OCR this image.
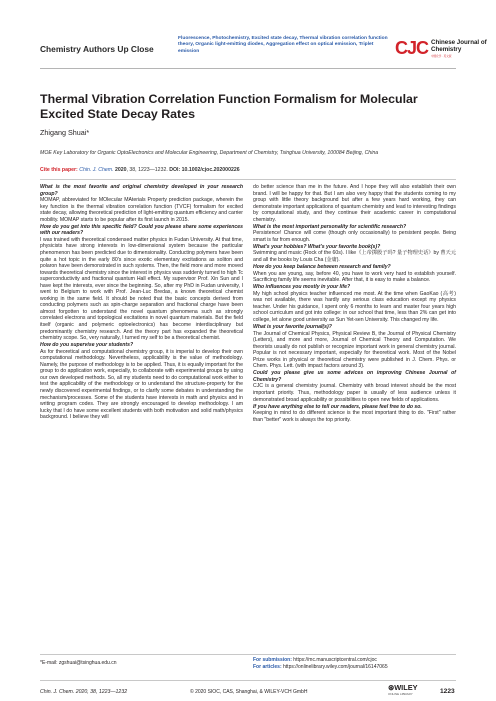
Chemistry Authors Up Close
Fluorescence, Photochemistry, Excited state decay, Thermal vibration correlation function theory, Organic light-emitting diodes, Aggregation effect on optical emission, Triplet emission	CJC Chinese Journal of Chemistry
中国化学 · 英文版
Thermal Vibration Correlation Function Formalism for Molecular Excited State Decay Rates
Zhigang Shuai*
MOE Key Laboratory for Organic OptoElectronics and Molecular Engineering, Department of Chemistry, Tsinghua University, 100084 Beijing, China
Cite this paper: Chin. J. Chem. 2020, 38, 1223—1232. DOI: 10.1002/cjoc.202000226

What is the most favorite and original chemistry developed in your research group?

MOMAP, abbreviated for MOlecular MAterials Property prediction package, wherein the key function is the thermal vibration correlation function (TVCF) formalism for excited state decay, allowing theoretical prediction of light-emitting quantum efficiency and carrier mobility. MOMAP starts to be popular after its first launch in 2015.

How do you get into this specific field? Could you please share some experiences with our readers?

I was trained with theoretical condensed matter physics in Fudan University. At that time, physicists have strong interests in low-dimensional system because the particular phenomenon has been predicted due to dimensionality. Conducting polymers have been quite a hot topic in the early 80's since exotic elementary excitations as soliton and polaron have been demonstrated in such systems. Then, the field more and more moved towards theoretical chemistry since the interest in physics was suddenly turned to high Tc superconductivity and fractional quantum Hall effect. My supervisor Prof. Xin Sun and I have kept the interests, ever since the beginning. So, after my PhD in Fudan university, I went to Belgium to work with Prof. Jean-Luc Bredas, a known theoretical chemist working in the same field. It should be noted that the basic concepts derived from conducting polymers such as spin-charge separation and fractional charge have been almost forgotten to understand the novel quantum phenomena such as strongly correlated electrons and topological excitations in novel quantum materials. But the field itself (organic and polymeric optoelectronics) has become interdisciplinary but predominantly chemistry research. And the theory part has expanded the theoretical chemistry scope. So, very naturally, I turned my self to be a theoretical chemist.

How do you supervise your students?

As for theoretical and computational chemistry group, it is imperial to develop their own computational methodology. Nevertheless, applicability is the value of methodology. Namely, the purpose of methodology is to be applied. Thus, it is equally important for the group to do application work, especially, to collaborate with experimental groups by using our own developed methods. So, all my students need to do computational work either to test the applicability of the methodology or to understand the structure-property for the newly discovered experimental findings, or to clarify some debates in understanding the mechanism/processes. Some of the students have interests in math and physics and in writing program codes. They are strongly encouraged to develop methodology. I am lucky that I do have some excellent students with both motivation and solid math/physics background. I believe they will

do better science than me in the future. And I hope they will also establish their own brand. I will be happy for that. But I am also very happy that the students coming to my group with little theory background but after a few years hard working, they can demonstrate important applications of quantum chemistry and lead to interesting findings by computational study, and they continue their academic career in computational chemistry.

What is the most important personality for scientific research?

Persistence! Chance will come (though only occasionally) to persistent people. Being smart is far from enough.

What's your hobbies? What's your favorite book(s)?

Swimming and music (Rock of the 60s). I like《上帝掷骰子吗? 量子物理史话》by 曹天元 and all the books by Louis Cha (金庸).

How do you keep balance between research and family?

When you are young, say, before 40, you have to work very hard to establish yourself. Sacrificing family life seems inevitable. After that, it is easy to make a balance.

Who influences you mostly in your life?

My high school physics teacher influenced me most. At the time when GaoKao (高考) was not available, there was hardly any serious class education except my physics teacher. Under his guidance, I spent only 6 months to learn and master four years high school curriculum and got into college: in our school that time, less than 2% can get into college, let alone good university as Sun Yet-sen University. This changed my life.

What is your favorite journal(s)?

The Journal of Chemical Physics, Physical Review B, the Journal of Physical Chemistry (Letters), and more and more, Journal of Chemical Theory and Computation. We theorists usually do not publish or recognize important work in general chemistry journal. Popular is not necessary important, especially for theoretical work. Most of the Nobel Prize works in physical or theoretical chemistry were published in J. Chem. Phys. or Chem. Phys. Lett. (with impact factors around 3).

Could you please give us some advices on improving Chinese Journal of Chemistry?

CJC is a general chemistry journal. Chemistry with broad interest should be the most important priority. Thus, methodology paper is usually of less audience unless it demonstrated broad applicability or possibilities to open new fields of applications.

If you have anything else to tell our readers, please feel free to do so.

Keeping in mind to do different science is the most important thing to do. "First" rather than "better" work is always the top priority.

*E-mail: zgshuai@tsinghua.edu.cn	For submission: https://mc.manuscriptcentral.com/cjoc
For articles: https://onlinelibrary.wiley.com/journal/16147065
Chin. J. Chem. 2020, 38, 1223—1232	© 2020 SIOC, CAS, Shanghai, & WILEY-VCH GmbH	⊛WILEY
ONLINE LIBRARY	1223
